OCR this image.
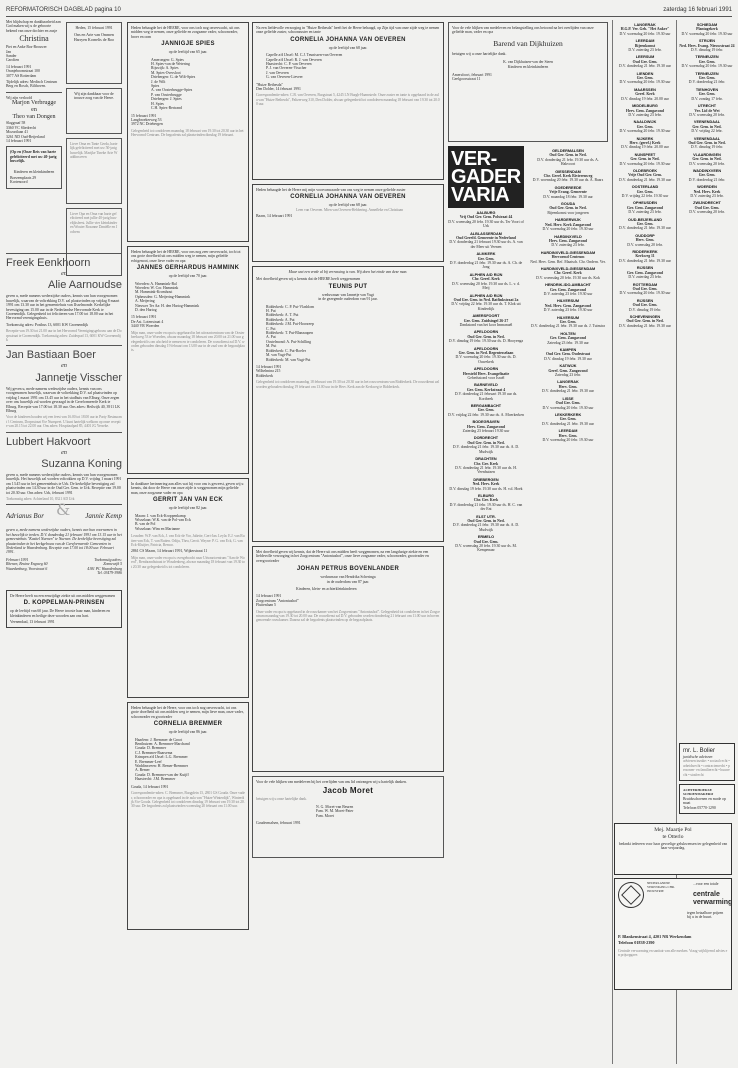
REFORMATORISCH DAGBLAD pagina 10	zaterdag 16 februari 1991
Met blijdschap en dankbaarheid aan God maken wij u de geboorte bekend van onze dochter en zusje
Christina
Piet en Anke Bos-Brouwer
Jan
Sander
Carolien
14 februari 1991
Oranjeboomstraat 100
3077 AS Rotterdam
Tijdelijk adres: Medisch Centrum Berg en Bosch, Bilthoven.
Wij zijn verloofd
Marjon Verbrugge
en
Theo van Dongen
Slaggraaf 58
3360 VC Sliedrecht
Mozartlaan 41
3261 ND Oud-Beijerland
14 februari 1991
(Op en (Onze Reis van harte gefeliciteerd met uw 40-jarig huwelijk.
Kinderen en kleinkinderen
Boezemplaats 29
Kortenoord
Heden, 15 februari 1991
Ons en Arie van Ommen
Harryen Kornelis de Roo
Wij zijn dankbaar voor de trouwe zorg van de Heere.
Lieve Oma en Tante Gerda, hartelijk gefeliciteerd met uw 50-jarig huwelijk. Marijke Tineke Arie Waddinxveen
Lieve Opa en Oma van harte gefeliciteerd met jullie 40-jarig huwelijksfeest. Jullie vier kleinkinderen Wouter Rosanne Daniëlle en Jochem
Freek Eenkhoorn
en
Alie Aarnoudse
geven u, mede namens wederzijdse ouders, kennis van hun voorgenomen huwelijk, waarvan de voltrekking D.V. zal plaatsvinden op vrijdag 8 maart 1991 om 13.30 uur in het gemeentehuis van IJsselmonde. Kerkelijke bevestiging om 15.00 uur in de Nederlandse Hervormde Kerk te Groenendijk. Gelegenheid tot feliciteren van 17.00 tot 18.00 uur in het Hervormd verenigingshuis.
Toekomstig adres: Postbus 13, 6001 KW Groenendijk
Receptie van 19.30 tot 21.00 uur in het Hervormd Verenigingsgebouw aan de Dorpsstraat te Groenendijk. Toekomstig adres: Zuiderpad 13, 6001 KW Groenendijk
Jan Bastiaan Boer
en
Jannetje Visscher
Wij geven u, mede namens wederzijdse ouders, kennis van ons voorgenomen huwelijk, waarvan de voltrekking D.V. zal plaatsvinden op vrijdag 1 maart 1991 om 13.45 uur in het stadhuis van Elburg. Onze zegen over ons huwelijk zal worden gevraagd in de Gereformeerde Kerk te Elburg. Receptie van 17.00 tot 18.30 uur. Ons adres: Heilwijk 40, 3911 LK Elburg
Voor de kinderen houden wij een feest van 16.00 tot 18.00 uur in Party Restaurant 't Centrum, Dorpsstraat 8 te Nunspeet. U kunt hartelijk welkom op onze receptie van 20.15 tot 22.00 uur. Ons adres: Hospitaalpad 85, 4401 JG Yerseke.
Lubbert Hakvoort
en
Suzanna Koning
geven u, mede namens wederzijdse ouders, kennis van hun voorgenomen huwelijk. Het huwelijk zal worden voltrokken op D.V. vrijdag 1 maart 1991 om 13.45 uur in het gemeentehuis te Urk. De kerkelijke bevestiging zal plaatsvinden om 14.30 uur in de Oud Ger. Gem. te Urk. Receptie van 19.00 tot 20.30 uur. Ons adres: Urk, februari 1991
Toekomstig adres: Achterland 10, 8321 AD Urk
Adrianus Bor & Jannie Kemp
geven u, mede namens wederzijdse ouders, kennis van hun voornemen in het huwelijk te treden. D.V. donderdag 21 februari 1991 om 13.15 uur in het gemeentehuis "Kastiel Nuenen" te Nuenen. De kerkelijke bevestiging zal plaatsvinden in het kerkgebouw van de Gereformeerde Gemeenten in Nederland te Waardenburg. Receptie van 17.00 tot 18.00 uur. Februari 1991.
Februari 1991
Rhenen, Bruine Engweg 60
Waardenburg, Voorstraat 6
Toekomstig adres:
Zonnewijk 5
4181 PC Waardenburg
Tel. 03479-3986
De Heere heeft na een eenzijdige ziekte uit ons midden weggenomen
D. KOPPELMAN-PRINSEN
op de leeftijd van 60 jaar. De Heere trooste haar man, kinderen en kleinkinderen en heilige deze woorden aan ons hart.
Veenendaal, 13 februari 1991
Heden behaagde het de HEERE, voor ons toch nog onverwacht, uit ons midden weg te nemen, onze geliefde en zorgzame vader, schoonvader, broer en oom
JANNIGJE SPIES
op de leeftijd van 65 jaar.
Amerongen: G. Spies
H. Spies-van de Wetering
Rijswijk: A. Spies
M. Spies-Oversloot
Driebergen: G. de Wilt-Spies
J. de Wilt
Spies
A. van Oosterbrugge-Spies
P. van Oosterbrugge
Driebergen: J. Spies
H. Spies
C.H. Spies-Bertrand
15 februari 1991
Langbroekerweg 53
3972 NC Driebergen
Gelegenheid tot condoleren maandag 18 februari van 19.30 tot 20.30 uur in het Hervormd Centrum. De begrafenis zal plaatsvinden dinsdag 19 februari.
Heden behaagde het de HEERE, voor ons nog zeer onverwacht, toch tot ons grote droefheid uit ons midden weg te nemen, mijn geliefde echtgenoot, onze lieve vader en opa
JANNES GERHARDUS HAMMINK
op de leeftijd van 70 jaar.
Woerden: A. Hammink-Bal
Woerden: W. Cor. Hammink
M. Hammink-Kromhout
Opheusden: G. Meijering-Hammink
A. Meijering
Nieuwer Ter Aa: H. den Hartog-Hammink
D. den Hartog
15 februari 1991
De Ast. Lotenstraat 4
3440 VR Woerden
Mijn man, onze vader en opa is opgebaard in het uitvaartcentrum van de Oosterbeekweg 53 te Woerden, alwaar maandag 18 februari van 20.00 tot 21.00 uur gelegenheid is om afscheid te nemen en te condoleren. De rouwdienst zal D.V. worden gehouden dinsdag 19 februari om 13.00 uur in de zaal van de begraafplaats.
In dankbare herinnering aan alles wat hij voor ons is geweest, geven wij u kennis, dat door de Heere van onze zijde is weggenomen mijn geliefde man, onze zorgzame vader en opa
GERRIT JAN VAN ECK
op de leeftijd van 82 jaar.
Maarn: J. van Eck-Kroppenkamp
Wisselaan: W.K. van de Pol-van Eck
B. van de Pol
Wisselaan: Wim en Marianne
Leusden: W.F. van Eck, J. van Eck-de Vor, Juliette, Gert-Jan. Leyla: E.J. van Ruiten-van Eck, T. van Ruiten. Odiju, Thea, Gerrit. Wayne: P. G. van Eck, G. van Eck-Kluijter, Patricia, Remco.
2861 CS Maarn, 14 februari 1991, Wijkerstraat 11
Mijn man, onze vader en opa is overgebracht naar Uitvaartcentrum "Aan de Woerd", Rembrandtstraat te Woudenberg, alwaar maandag 18 februari van 19.30 tot 20.30 uur gelegenheid is tot condoleren.
Heden behaagde het de Heere, voor ons toch nog onverwacht, tot ons grote droefheid uit ons midden weg te nemen, mijn lieve man, onze vader, schoonvader en grootvader
CORNELIA BREMMER
op de leeftijd van 86 jaar.
Haarlem: J. Bremmer de Groot
Benthuizen: A. Bremmer-Marchand
Gouda: D. Bremmer
C.J. Bremmer-Baarsema
Krimpen a/d IJssel: L.G. Bremmer
E. Bremmer-Leef
Waddinxveen: H. Bemer-Bremmer
A. Bemer
Gouda: D. Bremmer-van der Kuijff
Haastrecht: J.M. Bremmer
Gouda, 14 februari 1991
Correspondentie-adres: C. Bremmer, Burgplein 15, 2801 GS Gouda. Onze vader, schoonvader en opa is opgebaard in de aula van "Huize Winterdijk", Winterdijk 8 te Gouda. Gelegenheid tot condoleren dinsdag 19 februari van 19.30 tot 20.30 uur. De begrafenis zal plaatsvinden woensdag 20 februari om 11.00 uur.
Na een liefdevolle verzorging in "Huize Bethesda" heeft het de Heere behaagd, op Zijn tijd van onze zijde weg te nemen onze geliefde zuster, schoonzuster en tante
CORNELIA JOHANNA VAN OEVEREN
op de leeftijd van 68 jaar.
Capelle a/d IJssel: M. C.J. Teunissen-van Oeveren
Capelle a/d IJssel: R. J. van Oeveren
Haastrecht: C. P. van Oeveren
P. J. van Oeveren-Visscher
J. van Oeveren
G. van Oeveren-Lieveer
"Huize Bethesda"
Den Dolder, 14 februari 1991
Correspondentie-adres: C.B. van Oeveren, Burgstraat 5, 4245 LN Burgh-Haamstede. Onze zuster en tante is opgebaard in de aula van "Huize Bethesda", Paltzerweg 310, Den Dolder, alwaar gelegenheid tot condoleren maandag 18 februari van 19.30 tot 20.00 uur.
Heden behaagde het de Heere mij mijn voorvanwaarde van ons weg te nemen onze geliefde zuster
CORNELIA JOHANNA VAN OEVEREN
op de leeftijd van 68 jaar.
Leen van Oeveren. Mien van Oeveren-Hebbering. Annefleke en Christiaan
Baarn, 14 februari 1991
Maar wat een vrede al bij verrassing is van. Wij doen het einde van deze man.
Met droefheid geven wij u kennis dat de HEERE heeft weggenomen
TEUNIS PUT
weduwnaar van Jannetje van Vugt
in de gezegende ouderdom van 91 jaar.
Ridderkerk: C. P. Put-Vlasblom
H. Put
Ridderkerk: A. T. Put
Ridderkerk: A. Put
Ridderkerk: J.M. Put-Hoorzeep
C. Put
Ridderkerk: T. Put-Blanzaapen
A. Put
Oostelmond: A. Put-Schilling
M. Put
Ridderkerk: C. Put-Roeler
M. van Vugt-Put
Ridderkerk: M. van Vugt-Put
14 februari 1991
Wilhelmina 215
Ridderkerk
Gelegenheid tot condoleren maandag 18 februari van 19.30 tot 20.30 uur in het rouwcentrum van Ridderkerk. De rouwdienst zal worden gehouden dinsdag 19 februari om 13.00 uur in de Herv. Kerk aan de Kerkweg te Ridderkerk.
Met droefheid geven wij kennis, dat de Heere uit ons midden heeft weggenomen, na een langdurige ziekte en een liefdevolle verzorging in het Zorgcentrum "Antoniushof", onze lieve zorgzame vader, schoonvader, grootvader en overgrootvader
JOHAN PETRUS BOVENLANDER
weduwnaar van Hendrika Scheringa
in de ouderdom van 87 jaar.
Kinderen, klein- en achterkleinkinderen
14 februari 1991
Zorgcentrum "Antoniushof"
Fluitenlaan 5
Onze vader en opa is opgebaard in de rouwkamer van het Zorgcentrum "Antoniushof". Gelegenheid tot condoleren in het Zorgcentrum maandag van 19.30 tot 20.00 uur. De rouwdienst zal D.V. gehouden worden donderdag 21 februari om 11.00 uur in bovengenoemde rouwkamer. Daarna zal de begrafenis plaatsvinden op de begraafplaats.
Voor de vele blijken van medeleven bij het overlijden van ons lid ontvangen wij u hartelijk danken.
Jacob Moret
betuigen wij u onze hartelijke dank.
N. G. Moret-van Beuren
Fam. W. M. Moret-Pater
Fam. Moret
Goudermalsen, februari 1991
Voor de vele blijken van medeleven en belangstelling ons betoond na het overlijden van onze geliefde man, vader en opa
Barend van Dijkhuizen
betuigen wij u onze hartelijke dank.
K. van Dijkhuizen-van der Steen
Kinderen en kleinkinderen
Amersfoort, februari 1991
Geelgoorsstraat 11
VER-
GADER
VARIA
AALBURG
Vrij Oud Ger. Gem. Polstraat 44
D.V. woensdag 20 febr. 19.30 uur ds. Ter Voort of Urk
ALBLASSERDAM
Oud Gerefd. Gemeente in Nederland
D.V. donderdag 21 februari 19.30 uur ds. A. van der Meer uit Veenen
ALMKERK
Ger. Gem.
D.V. donderdag 21 febr. 19.30 uur ds. A. Ch. de Jong
ALPHEN A/D RIJN
Chr. Geref. Kerk
D.V. woensdag 20 febr. 19.30 uur ds. L. v. d. Meij
ALPHEN A/D RIJN
Oud Ger. Gem. in Ned. Batfinkstraat 2a
D.V. vrijdag 22 febr. 19.30 uur ds. T. Klok uit Kinderdijk
AMERSFOORT
Ger. Gem. Zuidsingel 26-27
Dankstond van het koor Immanuël
APELDOORN
Oud Ger. Gem. in Ned.
D.V. dinsdag 19 febr. 19.30 uur ds. D. Hooyenga
APELDOORN
Ger. Gem. in Ned. Regentesselaan
D.V. woensdag 20 febr. 19.30 uur ds. D. Ouwekerk
APELDOORN
Hersteld Herv. Evangelisatie
Gebedsstond voor Israël
BARNEVELD
Ger. Gem. Kerkstraat 4
D.V. donderdag 21 februari 19.30 uur ds. Kortbeek
BERGAMBACHT
Ger. Gem.
D.V. vrijdag 22 febr. 19.30 uur ds. A. Moerkerken
BODEGRAVEN
Herv. Gem. Zangavond
Zaterdag 23 februari 19.30 uur
DORDRECHT
Oud Ger. Gem. in Ned.
D.V. donderdag 21 febr. 19.30 uur ds. A. D. Mudwijk
DRACHTEN
Chr. Ger. Kerk
D.V. donderdag 21 febr. 19.30 uur ds. H. Veenhuizen
DRIEBERGEN
Ned. Herv. Kerk
D.V. dinsdag 19 febr. 19.30 uur ds. H. v.d. Hoek
ELBURG
Chr. Ger. Kerk
D.V. donderdag 21 febr. 19.30 uur ds. H. C. van der Ent
ELST UTR.
Oud Ger. Gem. in Ned.
D.V. donderdag 21 febr. 19.30 uur ds. A. D. Mudwijk
ERMELO
Oud Ger. Gem.
D.V. woensdag 20 febr. 19.30 uur ds. M. Kempenaar
GELDERMALSEN
Oud Ger. Gem. in Ned.
D.V. donderdag 21 febr. 19.30 uur ds. A. Hakvoort
GIESSENDAM
Chr. Geref. Kerk Rivierenweg
D.V. woensdag 20 febr. 19.30 uur ds. A. Baars
GOEDEREEDE
Vrije Evang. Gemeente
D.V. maandag 18 febr. 19.30 uur
GOUDA
Oud Ger. Gem. in Ned.
Bijeenkomst voor jongeren
HARDERWIJK
Ned. Herv. Kerk Zangavond
D.V. woensdag 20 febr. 19.30 uur
HARDINXVELD
Herv. Gem. Zangavond
D.V. zaterdag 23 febr.
HARDINXVELD-GIESSENDAM
Hervormd Centrum
Ned. Herv. Gem. Ref. Maatsch. Chr. Ondern. Ver.
HARDINXVELD-GIESSENDAM
Chr. Geref. Kerk
D.V. woensdag 20 febr. 19.30 uur ds. Kok
HENDRIK-IDO-AMBACHT
Ger. Gem. Zangavond
D.V. zaterdag 23 febr. 19.30 uur
HILVERSUM
Ned. Herv. Gem. Zangavond
D.V. zaterdag 23 febr. 19.30 uur
HILVERSUM
Ger. Gem.
D.V. donderdag 21 febr. 19.30 uur ds. J. Tuinstra
HOLTEN
Ger. Gem. Zangavond
Zaterdag 23 febr. 19.30 uur
KAMPEN
Oud Ger. Gem. Oudestraat
D.V. dinsdag 19 febr. 19.30 uur
KATWIJK
Geref. Gem. Zangavond
Zaterdag 23 febr.
LANGERAK
Herv. Gem.
D.V. donderdag 21 febr. 19.30 uur
LISSE
Oud Ger. Gem.
D.V. woensdag 20 febr. 19.30 uur
LEKKERKERK
Ger. Gem.
D.V. donderdag 21 febr. 19.30 uur
LEERDAM
Herv. Gem.
D.V. woensdag 20 febr. 19.30 uur
LANGERAK
H.G.P. Ver. Geb. "Het Anker"
D.V. woensdag 20 febr. 19.30 uur
LEERDAM
Bijeenkomst
D.V. zaterdag 23 febr.
LEERSUM
Oud Ger. Gem.
D.V. donderdag 21 febr. 19.30 uur
LIENDEN
Ger. Gem.
D.V. woensdag 20 febr. 19.30 uur
MAARSSEN
Geref. Kerk
D.V. dinsdag 19 febr. 20.00 uur
MIDDELBURG
Herv. Gem. Zangavond
D.V. zaterdag 23 febr.
NAALDWIJK
Ger. Gem.
D.V. woensdag 20 febr. 19.30 uur
NIJKERK
Herv. (geref.) Kerk
D.V. dinsdag 19 febr. 20.00 uur
NUNSPEET
Ger. Gem. in Ned.
D.V. woensdag 20 febr. 19.30 uur
OLDEBROEK
Vrije Oud Ger. Gem.
D.V. donderdag 21 febr. 19.30 uur
OOSTERLAND
Ger. Gem.
D.V. vrijdag 22 febr. 19.30 uur
OPHEUSDEN
Ger. Gem. Zangavond
D.V. zaterdag 23 febr.
OUD-BEIJERLAND
Ger. Gem.
D.V. donderdag 21 febr. 19.30 uur
OUDDORP
Herv. Gem.
D.V. woensdag 20 febr.
RIDDERKERK
Kerkweg 11
D.V. donderdag 21 febr. 19.30 uur
RIJSSEN
Ger. Gem. Zangavond
D.V. zaterdag 23 febr.
ROTTERDAM
Oud Ger. Gem.
D.V. woensdag 20 febr. 19.30 uur
RIJSSEN
Oud Ger. Gem.
D.V. dinsdag 19 febr.
SCHEVENINGEN
Oud Ger. Gem. in Ned.
D.V. donderdag 21 febr. 19.30 uur
SCHIEDAM
Plantagekerk
D.V. woensdag 20 febr. 19.30 uur
STRIJEN
Ned. Herv. Evang. Nieuwstraat 24
D.V. dinsdag 19 febr.
TERNEUZEN
Ger. Gem.
D.V. woensdag 20 febr. 19.30 uur
TERNEUZEN
Ger. Gem.
D.V. donderdag 21 febr.
TIENHOVEN
Ger. Gem.
D.V. zondag 17 febr.
UTRECHT
Ver. Lid de Wet
D.V. woensdag 20 febr.
VEENENDAAL
Ger. Gem. in Ned.
D.V. vrijdag 22 febr.
VEENENDAAL
Oud Ger. Gem. in Ned.
D.V. dinsdag 19 febr.
VLAARDINGEN
Ger. Gem. in Ned.
D.V. woensdag 20 febr.
WADDINXVEEN
Ger. Gem.
D.V. donderdag 21 febr.
WOERDEN
Ned. Herv. Kerk
D.V. zaterdag 23 febr.
ZWIJNDRECHT
Oud Ger. Gem.
D.V. woensdag 20 febr.
mr. L. Bolier
juridische adviezen
adviezen inzake: • sociaal recht • arbeidsrecht • contractenrecht • personen- en familierecht • huurrecht • strafrecht
ACHTERHOEKSE SCHOENMAKERIJ
Bruidsschoenen en mode op maat
Telefoon 05770-1290
Mej. Maartje Pol
te Otterlo
bedankt iedereen voor haar gevoelige gelukwensen ter gelegenheid van haar verjaardag.
NEDERLANDSE VERENIGING CHR. INDUSTRIE
...voor een totale
centrale verwarming
tegen betaalbare prijzen bij u in de buurt.
P. Blankenstraat 4, 4201 NR Werkendam
Telefoon 01838-2390
Centrale verwarming en sanitair van alle merken. Vraag vrijblijvend advies en prijsopgave.
